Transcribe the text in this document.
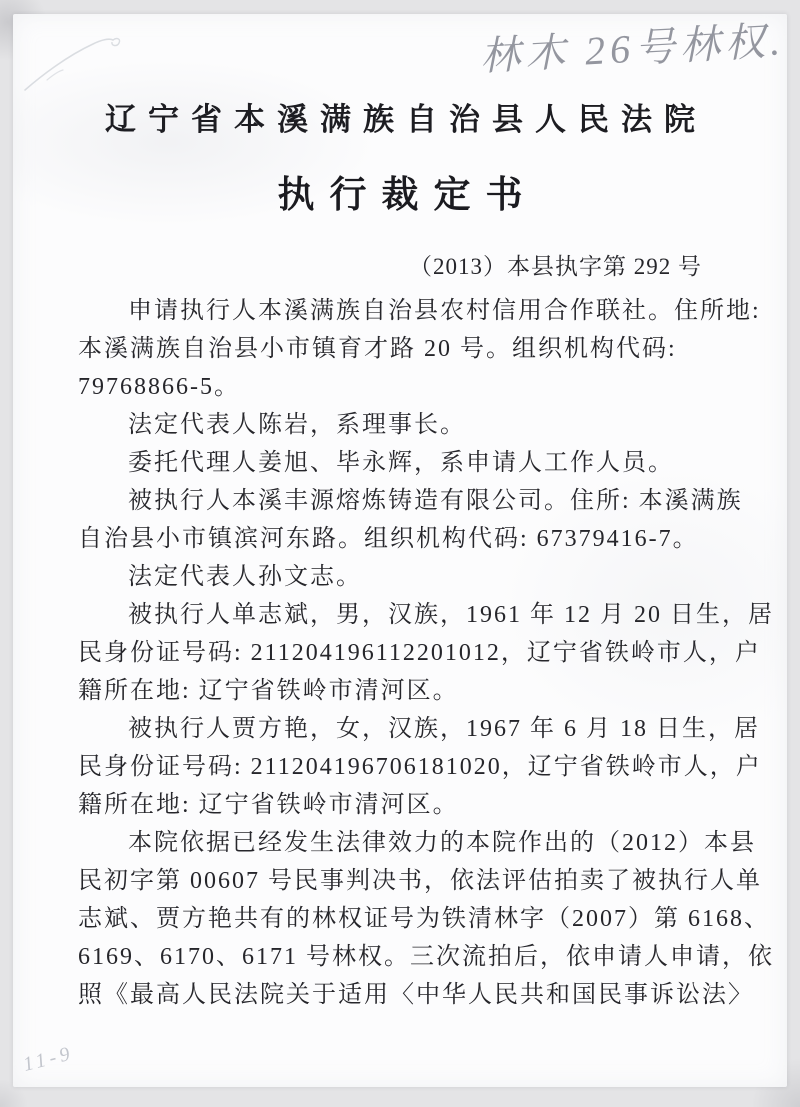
林木 26号林权.
辽宁省本溪满族自治县人民法院
执行裁定书
（2013）本县执字第 292 号
申请执行人本溪满族自治县农村信用合作联社。住所地:
本溪满族自治县小市镇育才路 20 号。组织机构代码:
79768866-5。
法定代表人陈岩，系理事长。
委托代理人姜旭、毕永辉，系申请人工作人员。
被执行人本溪丰源熔炼铸造有限公司。住所: 本溪满族
自治县小市镇滨河东路。组织机构代码: 67379416-7。
法定代表人孙文志。
被执行人单志斌，男，汉族，1961 年 12 月 20 日生，居
民身份证号码: 211204196112201012，辽宁省铁岭市人，户
籍所在地: 辽宁省铁岭市清河区。
被执行人贾方艳，女，汉族，1967 年 6 月 18 日生，居
民身份证号码: 211204196706181020，辽宁省铁岭市人，户
籍所在地: 辽宁省铁岭市清河区。
本院依据已经发生法律效力的本院作出的（2012）本县
民初字第 00607 号民事判决书，依法评估拍卖了被执行人单
志斌、贾方艳共有的林权证号为铁清林字（2007）第 6168、
6169、6170、6171 号林权。三次流拍后，依申请人申请，依
照《最高人民法院关于适用〈中华人民共和国民事诉讼法〉
11-9
